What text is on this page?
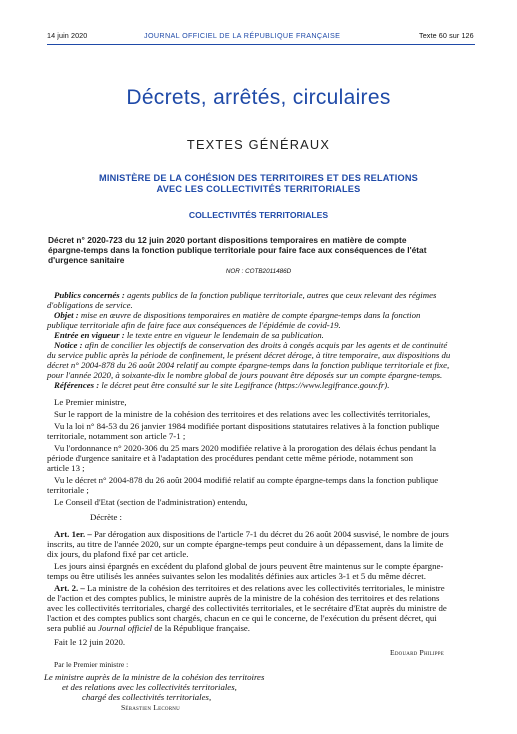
14 juin 2020	JOURNAL OFFICIEL DE LA RÉPUBLIQUE FRANÇAISE	Texte 60 sur 126
Décrets, arrêtés, circulaires
TEXTES GÉNÉRAUX
MINISTÈRE DE LA COHÉSION DES TERRITOIRES ET DES RELATIONS
AVEC LES COLLECTIVITÉS TERRITORIALES
COLLECTIVITÉS TERRITORIALES
Décret n° 2020-723 du 12 juin 2020 portant dispositions temporaires en matière de compte
épargne-temps dans la fonction publique territoriale pour faire face aux conséquences de l'état
d'urgence sanitaire
NOR : COTB2011486D
Publics concernés : agents publics de la fonction publique territoriale, autres que ceux relevant des régimes
d'obligations de service.
Objet : mise en œuvre de dispositions temporaires en matière de compte épargne-temps dans la fonction
publique territoriale afin de faire face aux conséquences de l'épidémie de covid-19.
Entrée en vigueur : le texte entre en vigueur le lendemain de sa publication.
Notice : afin de concilier les objectifs de conservation des droits à congés acquis par les agents et de continuité
du service public après la période de confinement, le présent décret déroge, à titre temporaire, aux dispositions du
décret n° 2004-878 du 26 août 2004 relatif au compte épargne-temps dans la fonction publique territoriale et fixe,
pour l'année 2020, à soixante-dix le nombre global de jours pouvant être déposés sur un compte épargne-temps.
Références : le décret peut être consulté sur le site Legifrance (https://www.legifrance.gouv.fr).
Le Premier ministre,
Sur le rapport de la ministre de la cohésion des territoires et des relations avec les collectivités territoriales,
Vu la loi n° 84-53 du 26 janvier 1984 modifiée portant dispositions statutaires relatives à la fonction publique
territoriale, notamment son article 7-1 ;
Vu l'ordonnance n° 2020-306 du 25 mars 2020 modifiée relative à la prorogation des délais échus pendant la
période d'urgence sanitaire et à l'adaptation des procédures pendant cette même période, notamment son
article 13 ;
Vu le décret n° 2004-878 du 26 août 2004 modifié relatif au compte épargne-temps dans la fonction publique
territoriale ;
Le Conseil d'Etat (section de l'administration) entendu,
Décrète :
Art. 1er. – Par dérogation aux dispositions de l'article 7-1 du décret du 26 août 2004 susvisé, le nombre de jours
inscrits, au titre de l'année 2020, sur un compte épargne-temps peut conduire à un dépassement, dans la limite de
dix jours, du plafond fixé par cet article.
Les jours ainsi épargnés en excédent du plafond global de jours peuvent être maintenus sur le compte épargne-
temps ou être utilisés les années suivantes selon les modalités définies aux articles 3-1 et 5 du même décret.
Art. 2. – La ministre de la cohésion des territoires et des relations avec les collectivités territoriales, le ministre
de l'action et des comptes publics, le ministre auprès de la ministre de la cohésion des territoires et des relations
avec les collectivités territoriales, chargé des collectivités territoriales, et le secrétaire d'Etat auprès du ministre de
l'action et des comptes publics sont chargés, chacun en ce qui le concerne, de l'exécution du présent décret, qui
sera publié au Journal officiel de la République française.
Fait le 12 juin 2020.
Edouard Philippe
Par le Premier ministre :
Le ministre auprès de la ministre de la cohésion des territoires
et des relations avec les collectivités territoriales,
chargé des collectivités territoriales,
Sébastien Lecornu
